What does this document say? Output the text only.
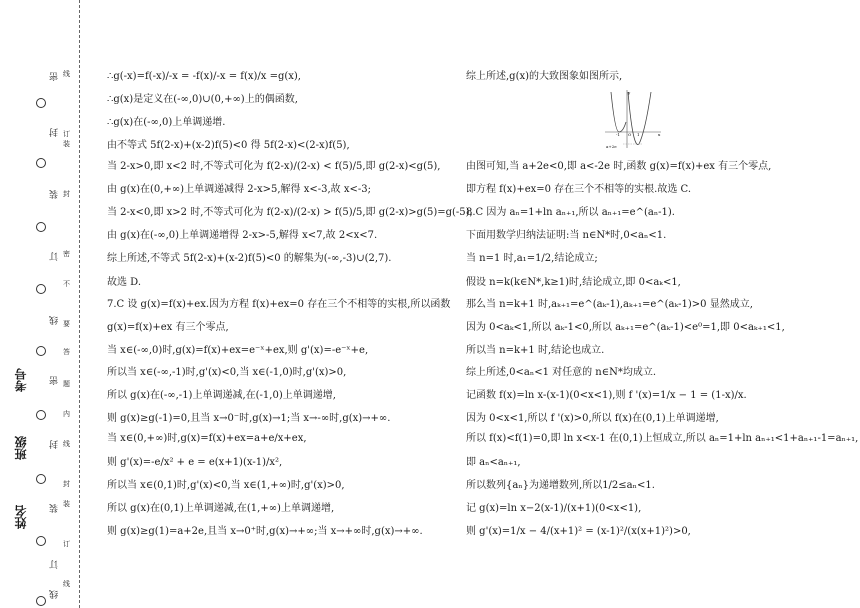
线
订
装
封
密
不
要
答
题
内
线
封
装
订
线
姓名
班级
考号
密
封
装
订
线
密
封
装
订
线
∴g(-x)=f(-x)/-x = -f(x)/-x = f(x)/x =g(x),
∴g(x)是定义在(-∞,0)∪(0,+∞)上的偶函数,
∴g(x)在(-∞,0)上单调递增.
由不等式 5f(2-x)+(x-2)f(5)<0 得 5f(2-x)<(2-x)f(5),
当 2-x>0,即 x<2 时,不等式可化为 f(2-x)/(2-x) < f(5)/5,即 g(2-x)<g(5),
由 g(x)在(0,+∞)上单调递减得 2-x>5,解得 x<-3,故 x<-3;
当 2-x<0,即 x>2 时,不等式可化为 f(2-x)/(2-x) > f(5)/5,即 g(2-x)>g(5)=g(-5),
由 g(x)在(-∞,0)上单调递增得 2-x>-5,解得 x<7,故 2<x<7.
综上所述,不等式 5f(2-x)+(x-2)f(5)<0 的解集为(-∞,-3)∪(2,7).
故选 D.
7.C 设 g(x)=f(x)+ex.因为方程 f(x)+ex=0 存在三个不相等的实根,所以函数
g(x)=f(x)+ex 有三个零点,
当 x∈(-∞,0)时,g(x)=f(x)+ex=e⁻ˣ+ex,则 g'(x)=-e⁻ˣ+e,
所以当 x∈(-∞,-1)时,g'(x)<0,当 x∈(-1,0)时,g'(x)>0,
所以 g(x)在(-∞,-1)上单调递减,在(-1,0)上单调递增,
则 g(x)≥g(-1)=0,且当 x→0⁻时,g(x)→1;当 x→-∞时,g(x)→+∞.
当 x∈(0,+∞)时,g(x)=f(x)+ex=a+e/x+ex,
则 g'(x)=-e/x² + e = e(x+1)(x-1)/x²,
所以当 x∈(0,1)时,g'(x)<0,当 x∈(1,+∞)时,g'(x)>0,
所以 g(x)在(0,1)上单调递减,在(1,+∞)上单调递增,
则 g(x)≥g(1)=a+2e,且当 x→0⁺时,g(x)→+∞;当 x→+∞时,g(x)→+∞.
综上所述,g(x)的大致图象如图所示,
由图可知,当 a+2e<0,即 a<-2e 时,函数 g(x)=f(x)+ex 有三个零点,
即方程 f(x)+ex=0 存在三个不相等的实根.故选 C.
8.C 因为 aₙ=1+ln aₙ₊₁,所以 aₙ₊₁=e^(aₙ-1).
下面用数学归纳法证明:当 n∈N*时,0<aₙ<1.
当 n=1 时,a₁=1/2,结论成立;
假设 n=k(k∈N*,k≥1)时,结论成立,即 0<aₖ<1,
那么当 n=k+1 时,aₖ₊₁=e^(aₖ-1),aₖ₊₁=e^(aₖ-1)>0 显然成立,
因为 0<aₖ<1,所以 aₖ-1<0,所以 aₖ₊₁=e^(aₖ-1)<e⁰=1,即 0<aₖ₊₁<1,
所以当 n=k+1 时,结论也成立.
综上所述,0<aₙ<1 对任意的 n∈N*均成立.
记函数 f(x)=ln x-(x-1)(0<x<1),则 f '(x)=1/x − 1 = (1-x)/x.
因为 0<x<1,所以 f '(x)>0,所以 f(x)在(0,1)上单调递增,
所以 f(x)<f(1)=0,即 ln x<x-1 在(0,1)上恒成立,所以 aₙ=1+ln aₙ₊₁<1+aₙ₊₁-1=aₙ₊₁,
即 aₙ<aₙ₊₁,
所以数列{aₙ}为递增数列,所以1/2≤aₙ<1.
记 g(x)=ln x−2(x-1)/(x+1)(0<x<1),
则 g'(x)=1/x − 4/(x+1)² = (x-1)²/(x(x+1)²)>0,
y
x
O
-1	1
a+2e
